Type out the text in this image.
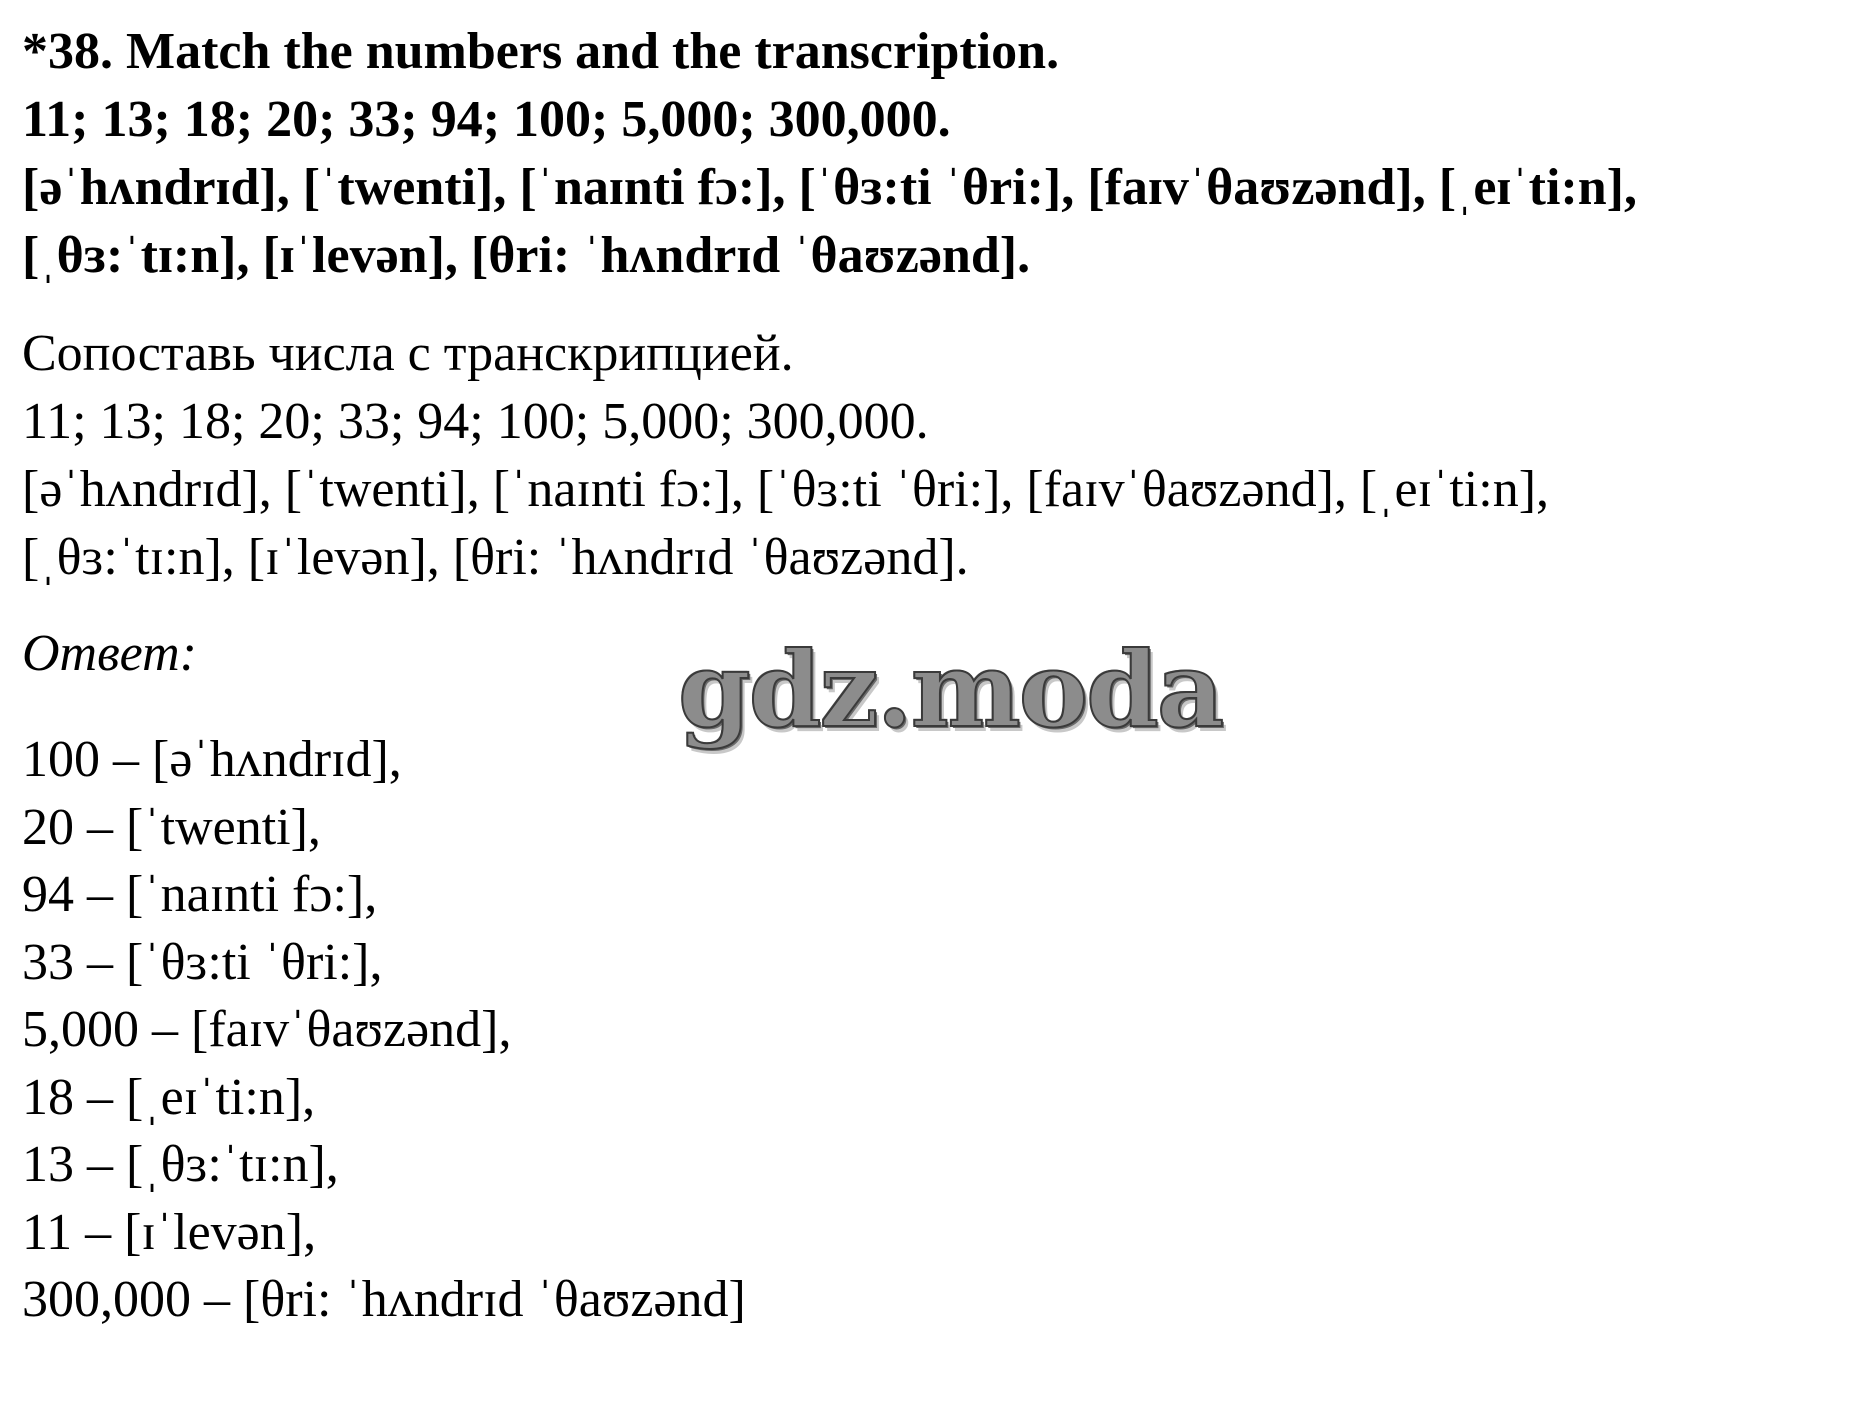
*38. Match the numbers and the transcription.
11; 13; 18; 20; 33; 94; 100; 5,000; 300,000.
[əˈhʌndrɪd], [ˈtwenti], [ˈnaɪnti fɔ:], [ˈθɜ:ti ˈθri:], [faɪvˈθaʊzənd], [ˌeɪˈti:n],
[ˌθɜ:ˈtɪ:n], [ɪˈlevən], [θri: ˈhʌndrɪd ˈθaʊzənd].
Сопоставь числа с транскрипцией.
11; 13; 18; 20; 33; 94; 100; 5,000; 300,000.
[əˈhʌndrɪd], [ˈtwenti], [ˈnaɪnti fɔ:], [ˈθɜ:ti ˈθri:], [faɪvˈθaʊzənd], [ˌeɪˈti:n],
[ˌθɜ:ˈtɪ:n], [ɪˈlevən], [θri: ˈhʌndrɪd ˈθaʊzənd].
Ответ:
100 – [əˈhʌndrɪd],
20 – [ˈtwenti],
94 – [ˈnaɪnti fɔ:],
33 – [ˈθɜ:ti ˈθri:],
5,000 – [faɪvˈθaʊzənd],
18 – [ˌeɪˈti:n],
13 – [ˌθɜ:ˈtɪ:n],
11 – [ɪˈlevən],
300,000 – [θri: ˈhʌndrɪd ˈθaʊzənd]
gdz.moda
